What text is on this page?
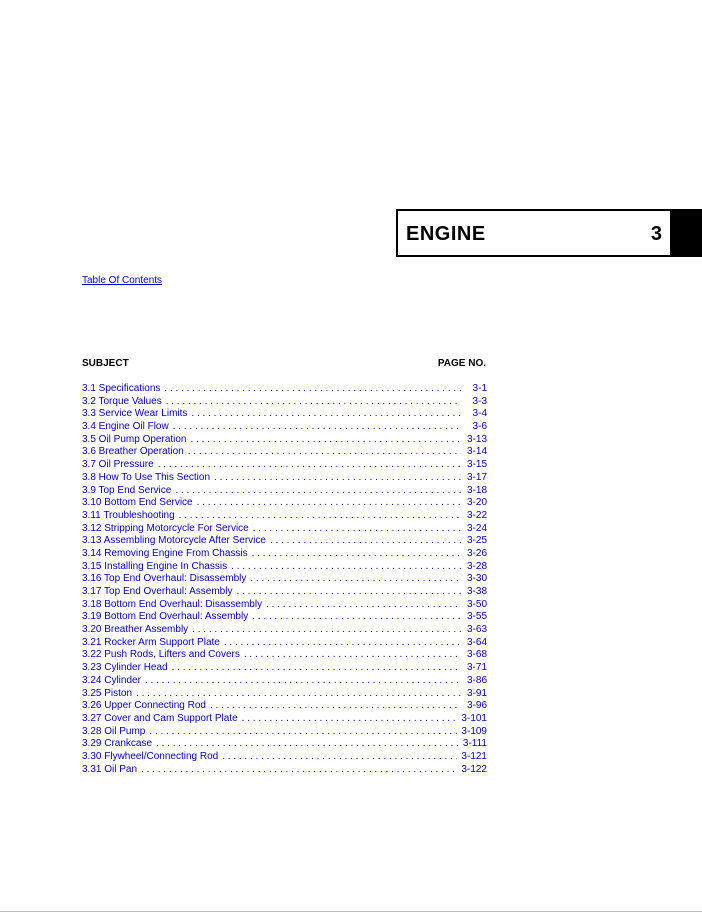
ENGINE	3
Table Of Contents
SUBJECT	PAGE NO.
3.1 Specifications . . .	3-1
3.2 Torque Values . . .	3-3
3.3 Service Wear Limits . . .	3-4
3.4 Engine Oil Flow . . .	3-6
3.5 Oil Pump Operation . . .	3-13
3.6 Breather Operation . . .	3-14
3.7 Oil Pressure . . .	3-15
3.8 How To Use This Section . . .	3-17
3.9 Top End Service . . .	3-18
3.10 Bottom End Service . . .	3-20
3.11 Troubleshooting . . .	3-22
3.12 Stripping Motorcycle For Service . . .	3-24
3.13 Assembling Motorcycle After Service . . .	3-25
3.14 Removing Engine From Chassis . . .	3-26
3.15 Installing Engine In Chassis . . .	3-28
3.16 Top End Overhaul: Disassembly . . .	3-30
3.17 Top End Overhaul: Assembly . . .	3-38
3.18 Bottom End Overhaul: Disassembly . . .	3-50
3.19 Bottom End Overhaul: Assembly . . .	3-55
3.20 Breather Assembly . . .	3-63
3.21 Rocker Arm Support Plate . . .	3-64
3.22 Push Rods, Lifters and Covers . . .	3-68
3.23 Cylinder Head . . .	3-71
3.24 Cylinder . . .	3-86
3.25 Piston . . .	3-91
3.26 Upper Connecting Rod . . .	3-96
3.27 Cover and Cam Support Plate . . .	3-101
3.28 Oil Pump . . .	3-109
3.29 Crankcase . . .	3-111
3.30 Flywheel/Connecting Rod . . .	3-121
3.31 Oil Pan . . .	3-122
